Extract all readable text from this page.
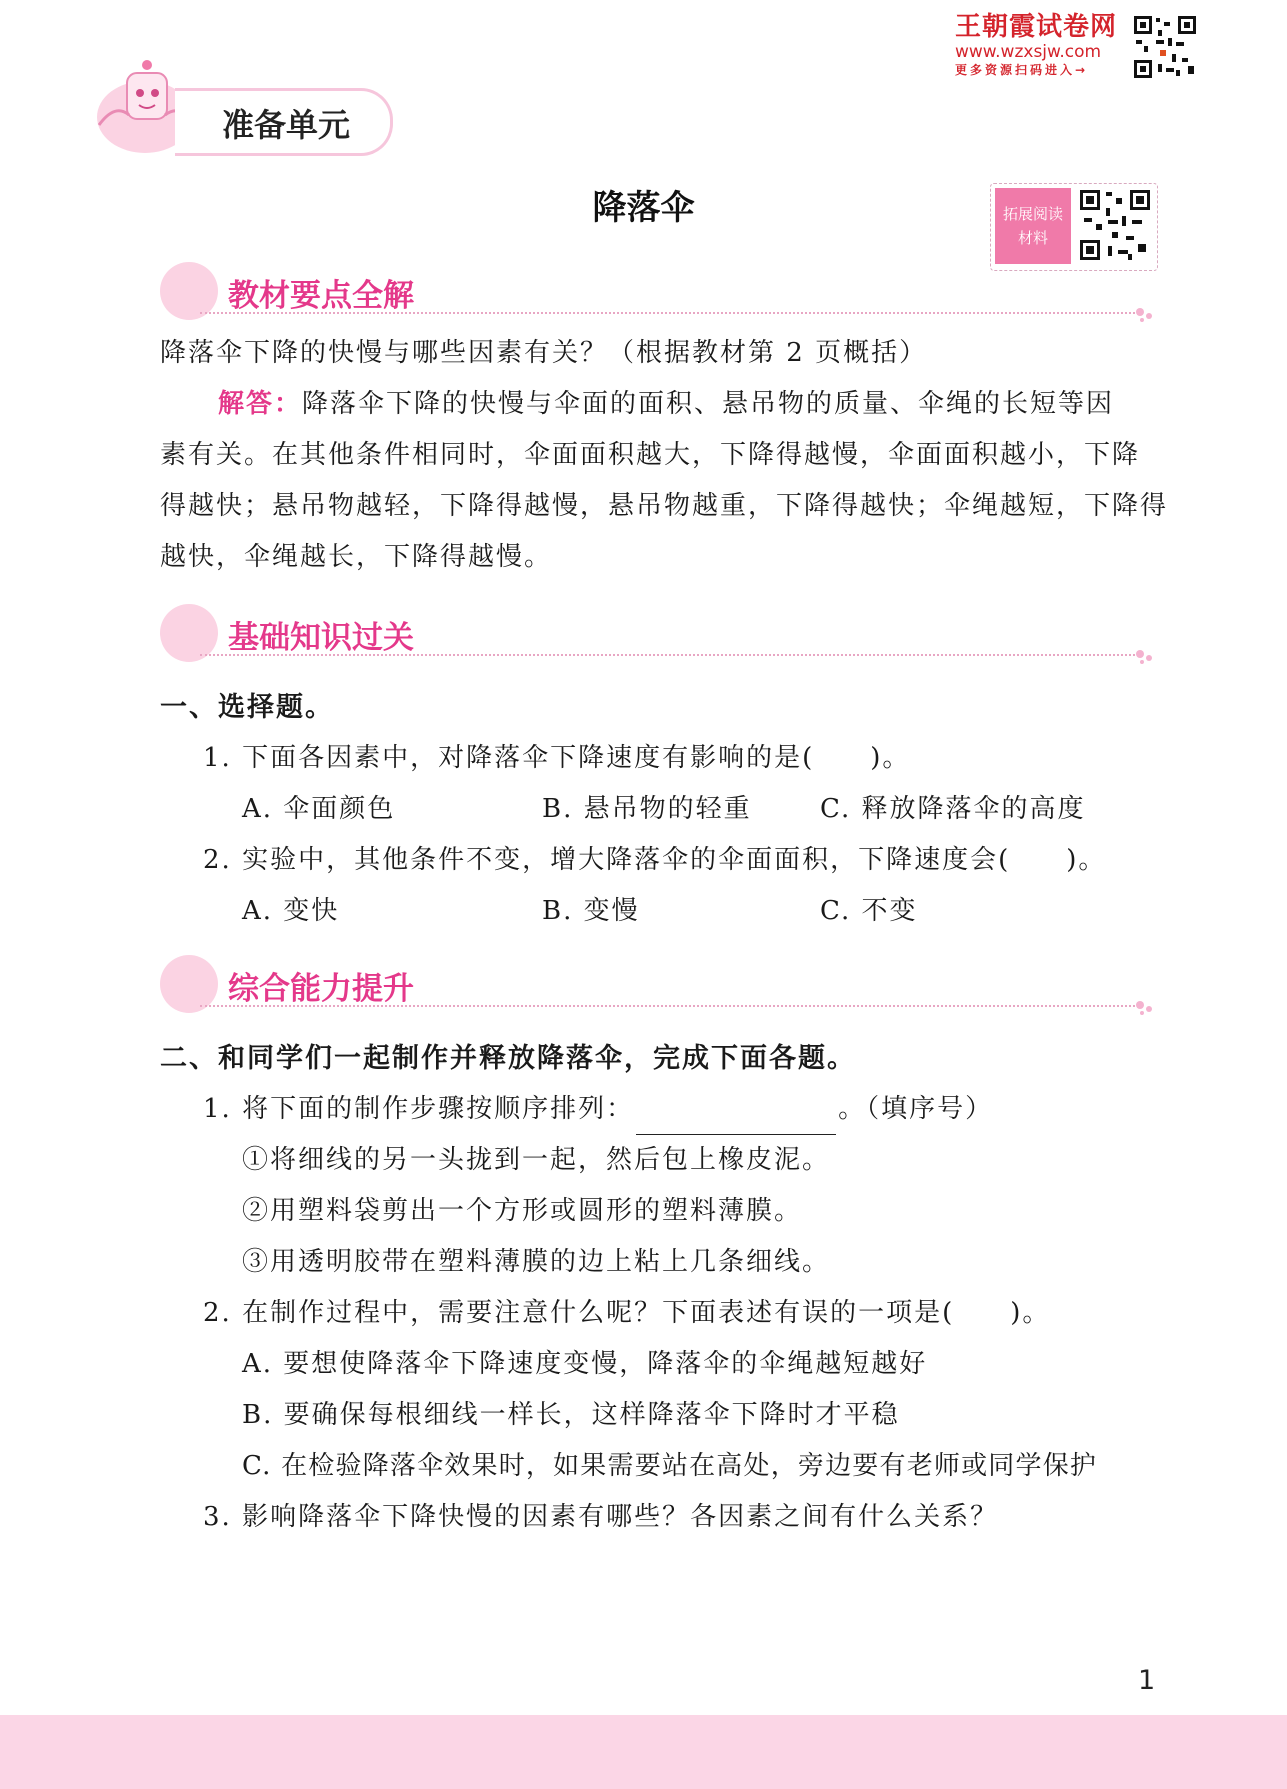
王朝霞试卷网
www.wzxsjw.com
更多资源扫码进入→
准备单元
降落伞	拓展阅读
材料
教材要点全解
降落伞下降的快慢与哪些因素有关？（根据教材第 2 页概括）
解答：降落伞下降的快慢与伞面的面积、悬吊物的质量、伞绳的长短等因
素有关。在其他条件相同时，伞面面积越大，下降得越慢，伞面面积越小，下降
得越快；悬吊物越轻，下降得越慢，悬吊物越重，下降得越快；伞绳越短，下降得
越快，伞绳越长，下降得越慢。
基础知识过关
一、选择题。
1. 下面各因素中，对降落伞下降速度有影响的是(　　)。
A. 伞面颜色	B. 悬吊物的轻重	C. 释放降落伞的高度
2. 实验中，其他条件不变，增大降落伞的伞面面积，下降速度会(　　)。
A. 变快	B. 变慢	C. 不变
综合能力提升
二、和同学们一起制作并释放降落伞，完成下面各题。
1. 将下面的制作步骤按顺序排列：	。（填序号）
①将细线的另一头拢到一起，然后包上橡皮泥。
②用塑料袋剪出一个方形或圆形的塑料薄膜。
③用透明胶带在塑料薄膜的边上粘上几条细线。
2. 在制作过程中，需要注意什么呢？下面表述有误的一项是(　　)。
A. 要想使降落伞下降速度变慢，降落伞的伞绳越短越好
B. 要确保每根细线一样长，这样降落伞下降时才平稳
C. 在检验降落伞效果时，如果需要站在高处，旁边要有老师或同学保护
3. 影响降落伞下降快慢的因素有哪些？各因素之间有什么关系？
1
